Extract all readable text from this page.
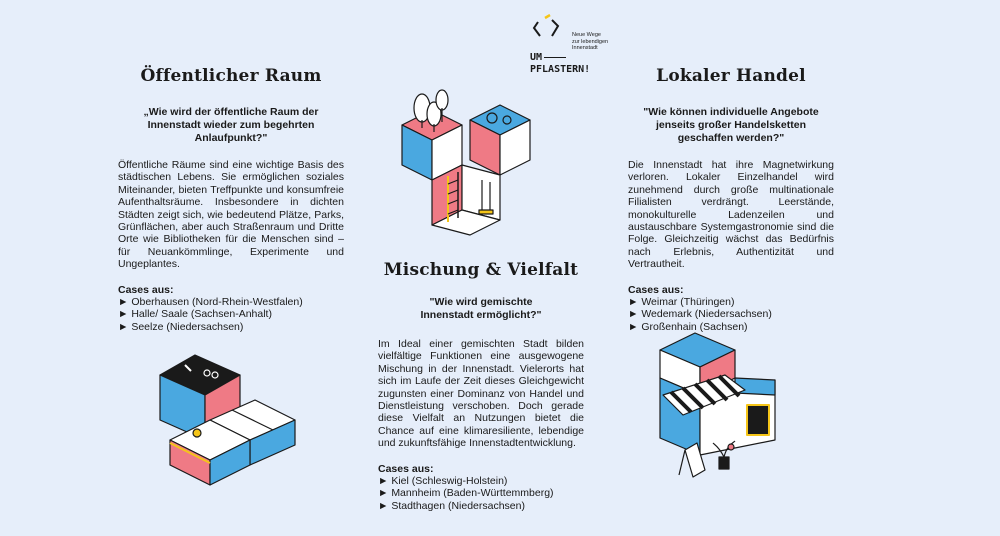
Neue Wege
zur lebendigen
Innenstadt
UM
PFLASTERN!
Öffentlicher Raum

„Wie wird der öffentliche Raum der Innenstadt wieder zum begehrten Anlaufpunkt?"

Öffentliche Räume sind eine wichtige Basis des städtischen Lebens. Sie ermöglichen soziales Miteinander, bieten Treffpunkte und konsumfreie Aufenthaltsräume. Insbesondere in dichten Städten zeigt sich, wie bedeutend Plätze, Parks, Grünflächen, aber auch Straßenraum und Dritte Orte wie Bibliotheken für die Menschen sind – für Neuankömmlinge, Experimente und Ungeplantes.

Cases aus:

► Oberhausen (Nord-Rhein-Westfalen)
► Halle/ Saale (Sachsen-Anhalt)
► Seelze (Niedersachsen)
Mischung & Vielfalt

"Wie wird gemischte Innenstadt ermöglicht?"

Im Ideal einer gemischten Stadt bilden vielfältige Funktionen eine ausgewogene Mischung in der Innenstadt. Vielerorts hat sich im Laufe der Zeit dieses Gleichgewicht zugunsten einer Dominanz von Handel und Dienstleistung verschoben. Doch gerade diese Vielfalt an Nutzungen bietet die Chance auf eine klimaresiliente, lebendige und zukunftsfähige Innenstadtentwicklung.

Cases aus:

► Kiel (Schleswig-Holstein)
► Mannheim (Baden-Württemmberg)
► Stadthagen (Niedersachsen)
Lokaler Handel

"Wie können individuelle Angebote jenseits großer Handelsketten geschaffen werden?"

Die Innenstadt hat ihre Magnetwirkung verloren. Lokaler Einzelhandel wird zunehmend durch große multinationale Filialisten verdrängt. Leerstände, monokulturelle Ladenzeilen und austauschbare Systemgastronomie sind die Folge. Gleichzeitig wächst das Bedürfnis nach Erlebnis, Authentizität und Vertrautheit.

Cases aus:

► Weimar (Thüringen)
► Wedemark (Niedersachsen)
► Großenhain (Sachsen)
